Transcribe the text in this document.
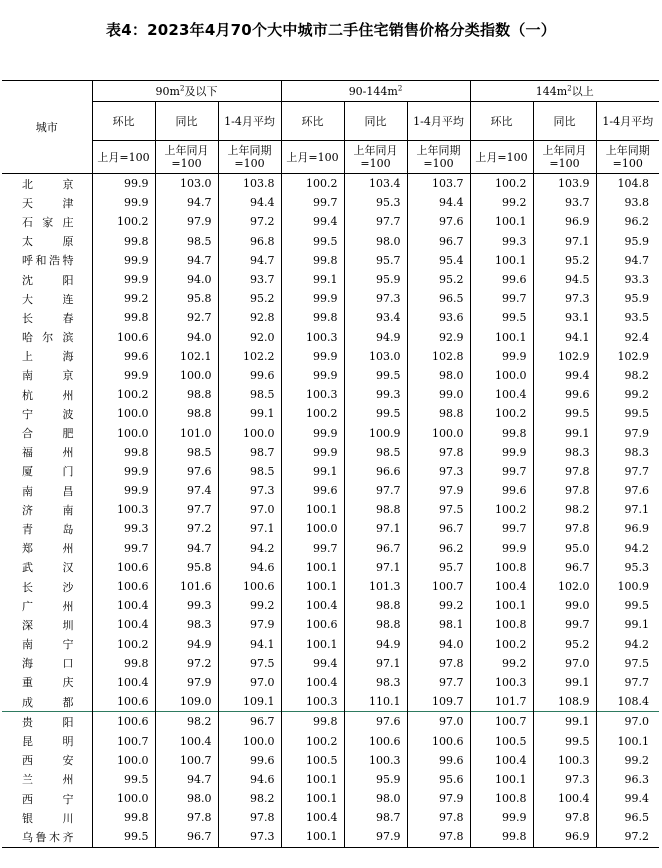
表4：2023年4月70个大中城市二手住宅销售价格分类指数（一）
城市	$90m^2$及以下			$90-144m^2$			$144m^2$以上		
	环比	同比	1-4月平均	环比	同比	1-4月平均	环比	同比	1-4月平均
	上月=100	上年同月=100	上年同期=100	上月=100	上年同月=100	上年同期=100	上月=100	上年同月=100	上年同期=100
北京	99.9	103.0	103.8	100.2	103.4	103.7	100.2	103.9	104.8
天津	99.9	94.7	94.4	99.7	95.3	94.4	99.2	93.7	93.8
石家庄	100.2	97.9	97.2	99.4	97.7	97.6	100.1	96.9	96.2
太原	99.8	98.5	96.8	99.5	98.0	96.7	99.3	97.1	95.9
呼和浩特	99.9	94.7	94.7	99.8	95.7	95.4	100.1	95.2	94.7
沈阳	99.9	94.0	93.7	99.1	95.9	95.2	99.6	94.5	93.3
大连	99.2	95.8	95.2	99.9	97.3	96.5	99.7	97.3	95.9
长春	99.8	92.7	92.8	99.8	93.4	93.6	99.5	93.1	93.5
哈尔滨	100.6	94.0	92.0	100.3	94.9	92.9	100.1	94.1	92.4
上海	99.6	102.1	102.2	99.9	103.0	102.8	99.9	102.9	102.9
南京	99.9	100.0	99.6	99.9	99.5	98.0	100.0	99.4	98.2
杭州	100.2	98.8	98.5	100.3	99.3	99.0	100.4	99.6	99.2
宁波	100.0	98.8	99.1	100.2	99.5	98.8	100.2	99.5	99.5
合肥	100.0	101.0	100.0	99.9	100.9	100.0	99.8	99.1	97.9
福州	99.8	98.5	98.7	99.9	98.5	97.8	99.9	98.3	98.3
厦门	99.9	97.6	98.5	99.1	96.6	97.3	99.7	97.8	97.7
南昌	99.9	97.4	97.3	99.6	97.7	97.9	99.6	97.8	97.6
济南	100.3	97.7	97.0	100.1	98.8	97.5	100.2	98.2	97.1
青岛	99.3	97.2	97.1	100.0	97.1	96.7	99.7	97.8	96.9
郑州	99.7	94.7	94.2	99.7	96.7	96.2	99.9	95.0	94.2
武汉	100.6	95.8	94.6	100.1	97.1	95.7	100.8	96.7	95.3
长沙	100.6	101.6	100.6	100.1	101.3	100.7	100.4	102.0	100.9
广州	100.4	99.3	99.2	100.4	98.8	99.2	100.1	99.0	99.5
深圳	100.4	98.3	97.9	100.6	98.8	98.1	100.8	99.7	99.1
南宁	100.2	94.9	94.1	100.1	94.9	94.0	100.2	95.2	94.2
海口	99.8	97.2	97.5	99.4	97.1	97.8	99.2	97.0	97.5
重庆	100.4	97.9	97.0	100.4	98.3	97.7	100.3	99.1	97.7
成都	100.6	109.0	109.1	100.3	110.1	109.7	101.7	108.9	108.4
贵阳	100.6	98.2	96.7	99.8	97.6	97.0	100.7	99.1	97.0
昆明	100.7	100.4	100.0	100.2	100.6	100.6	100.5	99.5	100.1
西安	100.0	100.7	99.6	100.5	100.3	99.6	100.4	100.3	99.2
兰州	99.5	94.7	94.6	100.1	95.9	95.6	100.1	97.3	96.3
西宁	100.0	98.0	98.2	100.1	98.0	97.9	100.8	100.4	99.4
银川	99.8	97.8	97.8	100.4	98.7	97.8	99.9	97.8	96.5
乌鲁木齐	99.5	96.7	97.3	100.1	97.9	97.8	99.8	96.9	97.2
